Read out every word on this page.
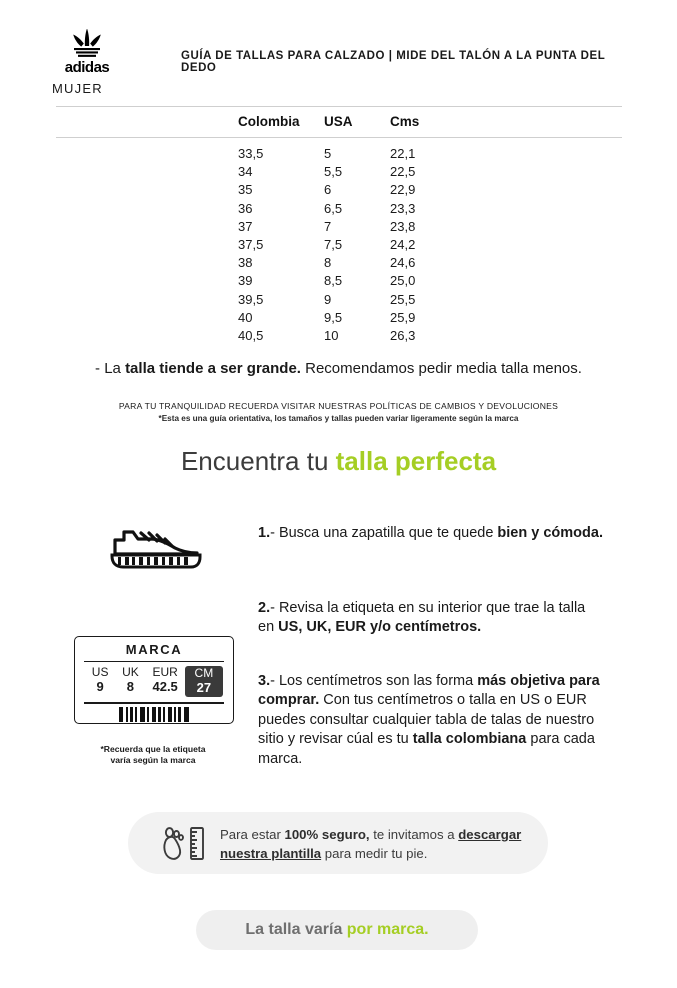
adidas
MUJER
GUÍA DE TALLAS PARA CALZADO | MIDE DEL TALÓN A LA PUNTA DEL DEDO
Colombia	USA	Cms
33,5	5	22,1
34	5,5	22,5
35	6	22,9
36	6,5	23,3
37	7	23,8
37,5	7,5	24,2
38	8	24,6
39	8,5	25,0
39,5	9	25,5
40	9,5	25,9
40,5	10	26,3
- La talla tiende a ser grande. Recomendamos pedir media talla menos.
PARA TU TRANQUILIDAD RECUERDA VISITAR NUESTRAS POLÍTICAS DE CAMBIOS Y DEVOLUCIONES
*Esta es una guía orientativa, los tamaños y tallas pueden variar ligeramente según la marca
Encuentra tu talla perfecta
1.- Busca una zapatilla que te quede bien y cómoda.
2.- Revisa la etiqueta en su interior que trae la talla en US, UK, EUR y/o centímetros.
MARCA
US
9
UK
8
EUR
42.5
CM
27
*Recuerda que la etiqueta
varía según la marca
3.- Los centímetros son las forma más objetiva para comprar. Con tus centímetros o talla en US o EUR puedes consultar cualquier tabla de talas de nuestro sitio y revisar cúal es tu talla colombiana para cada marca.
Para estar 100% seguro, te invitamos a descargar nuestra plantilla para medir tu pie.
La talla varía por marca.
